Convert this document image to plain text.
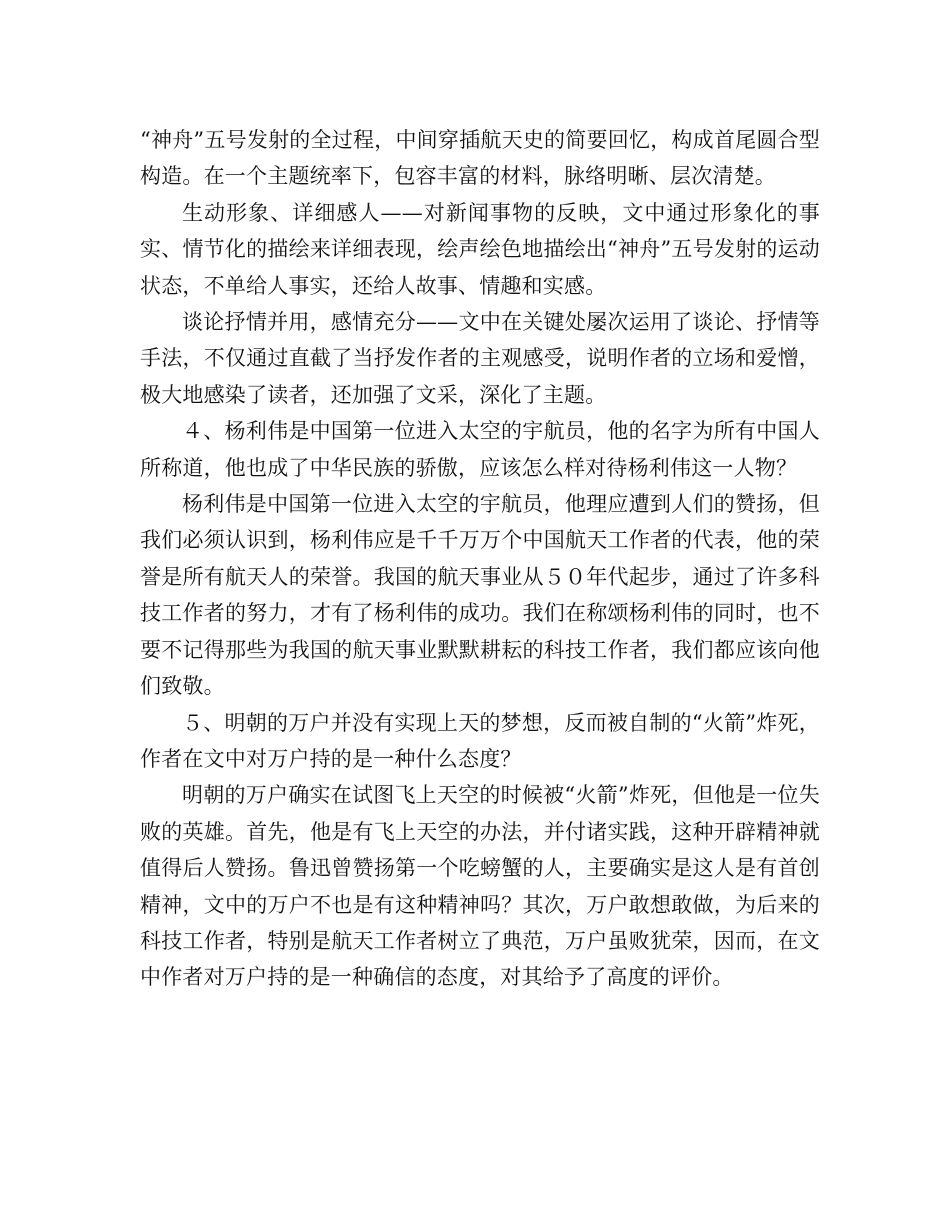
“神舟”五号发射的全过程，中间穿插航天史的简要回忆，构成首尾圆合型构造。在一个主题统率下，包容丰富的材料，脉络明晰、层次清楚。

生动形象、详细感人——对新闻事物的反映，文中通过形象化的事实、情节化的描绘来详细表现，绘声绘色地描绘出“神舟”五号发射的运动状态，不单给人事实，还给人故事、情趣和实感。

谈论抒情并用，感情充分——文中在关键处屡次运用了谈论、抒情等手法，不仅通过直截了当抒发作者的主观感受，说明作者的立场和爱憎，极大地感染了读者，还加强了文采，深化了主题。

４、杨利伟是中国第一位进入太空的宇航员，他的名字为所有中国人所称道，他也成了中华民族的骄傲，应该怎么样对待杨利伟这一人物？

杨利伟是中国第一位进入太空的宇航员，他理应遭到人们的赞扬，但我们必须认识到，杨利伟应是千千万万个中国航天工作者的代表，他的荣誉是所有航天人的荣誉。我国的航天事业从５０年代起步，通过了许多科技工作者的努力，才有了杨利伟的成功。我们在称颂杨利伟的同时，也不要不记得那些为我国的航天事业默默耕耘的科技工作者，我们都应该向他们致敬。

５、明朝的万户并没有实现上天的梦想，反而被自制的“火箭”炸死，作者在文中对万户持的是一种什么态度？

明朝的万户确实在试图飞上天空的时候被“火箭”炸死，但他是一位失败的英雄。首先，他是有飞上天空的办法，并付诸实践，这种开辟精神就值得后人赞扬。鲁迅曾赞扬第一个吃螃蟹的人，主要确实是这人是有首创精神，文中的万户不也是有这种精神吗？其次，万户敢想敢做，为后来的科技工作者，特别是航天工作者树立了典范，万户虽败犹荣，因而，在文中作者对万户持的是一种确信的态度，对其给予了高度的评价。
